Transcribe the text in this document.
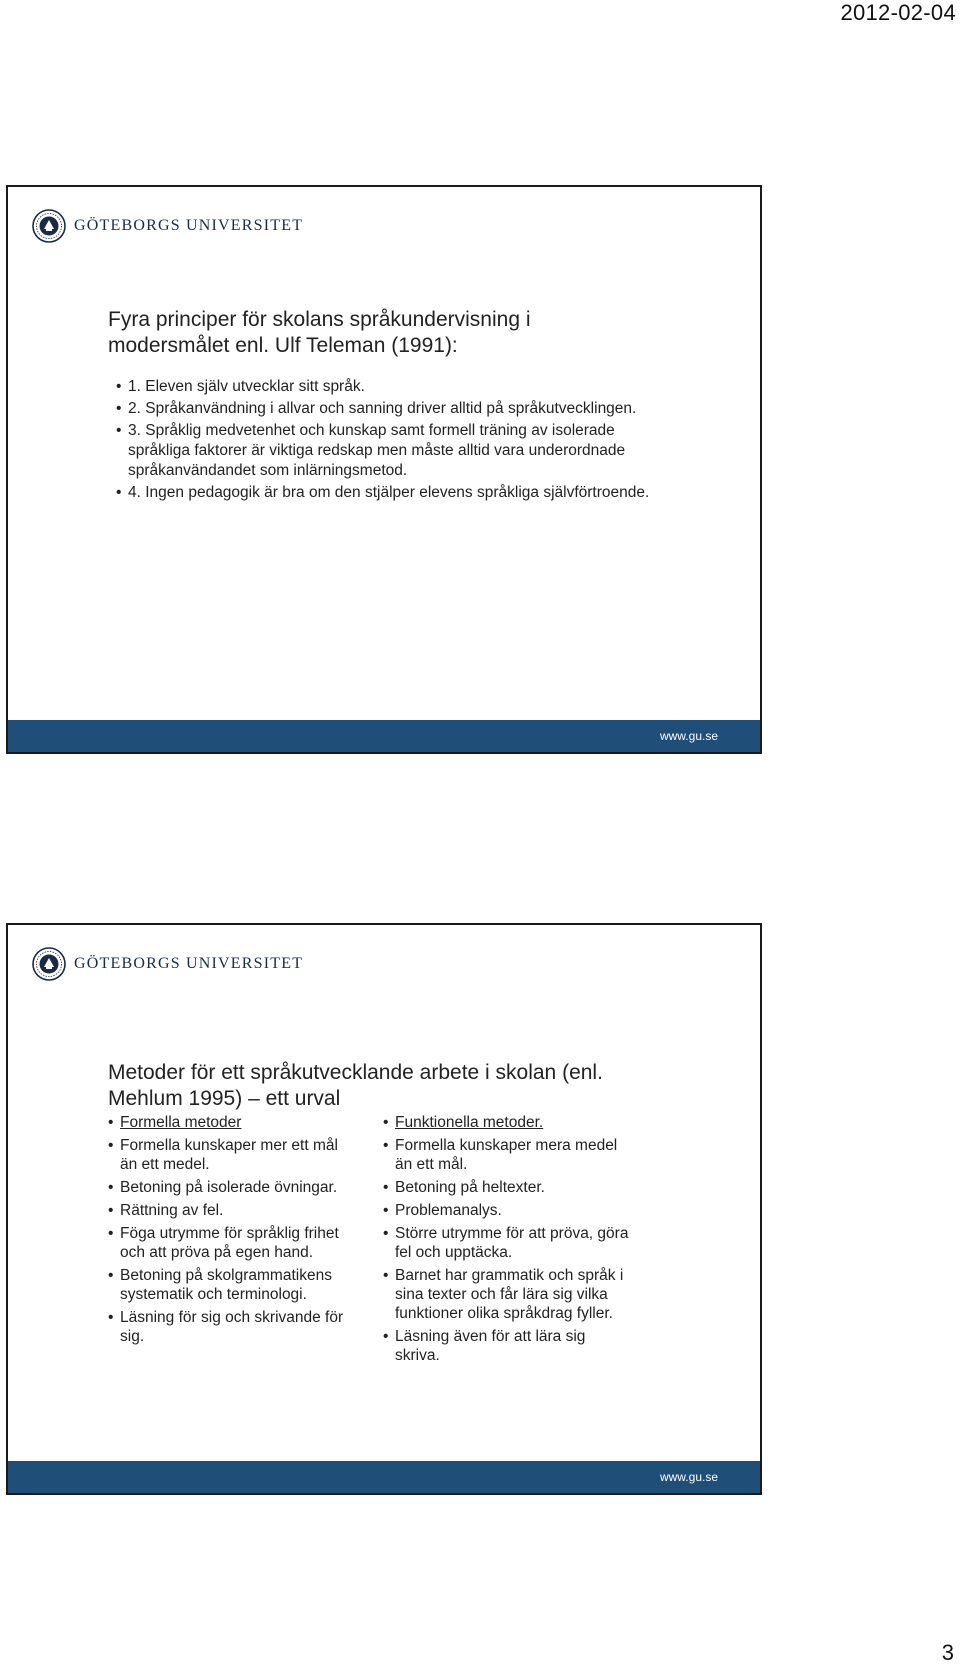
2012-02-04
GÖTEBORGS UNIVERSITET
Fyra principer för skolans språkundervisning i
modersmålet enl. Ulf Teleman (1991):
• 1. Eleven själv utvecklar sitt språk.
• 2. Språkanvändning i allvar och sanning driver alltid på språkutvecklingen.
• 3. Språklig medvetenhet och kunskap samt formell träning av isolerade språkliga faktorer är viktiga redskap men måste alltid vara underordnade språkanvändandet som inlärningsmetod.
• 4. Ingen pedagogik är bra om den stjälper elevens språkliga självförtroende.
www.gu.se
GÖTEBORGS UNIVERSITET
Metoder för ett språkutvecklande arbete i skolan (enl.
Mehlum 1995) – ett urval
• Formella metoder
• Formella kunskaper mer ett mål än ett medel.
• Betoning på isolerade övningar.
• Rättning av fel.
• Föga utrymme för språklig frihet och att pröva på egen hand.
• Betoning på skolgrammatikens systematik och terminologi.
• Läsning för sig och skrivande för sig.
• Funktionella metoder.
• Formella kunskaper mera medel än ett mål.
• Betoning på heltexter.
• Problemanalys.
• Större utrymme för att pröva, göra fel och upptäcka.
• Barnet har grammatik och språk i sina texter och får lära sig vilka funktioner olika språkdrag fyller.
• Läsning även för att lära sig skriva.
www.gu.se
3
